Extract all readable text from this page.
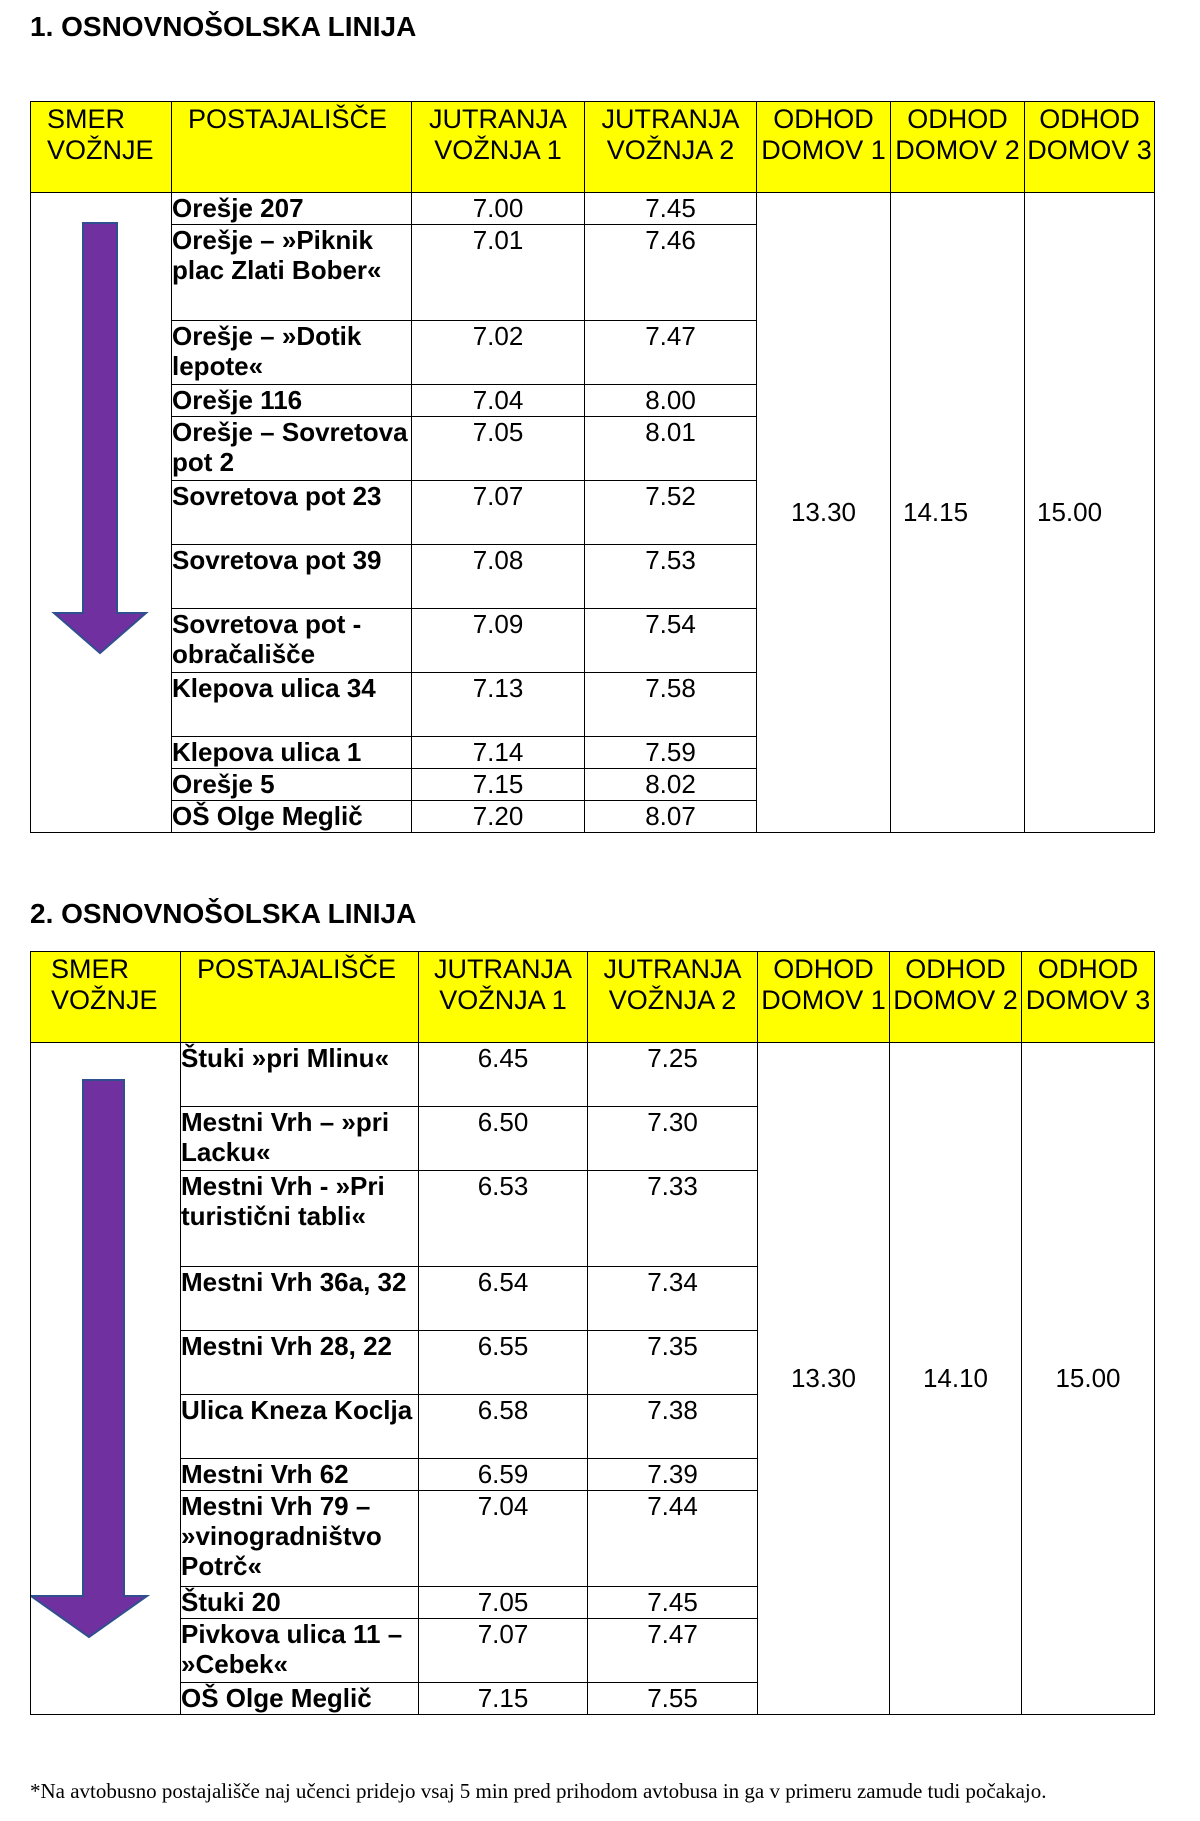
1. OSNOVNOŠOLSKA LINIJA
SMER VOŽNJE	POSTAJALIŠČE	JUTRANJA VOŽNJA 1	JUTRANJA VOŽNJA 2	ODHOD DOMOV 1	ODHOD DOMOV 2	ODHOD DOMOV 3

	Orešje 207	7.00	7.45	13.30	14.15	15.00

	Orešje – »Piknik plac Zlati Bober«	7.01	7.46			
	Orešje – »Dotik lepote«	7.02	7.47			
	Orešje 116	7.04	8.00			
	Orešje – Sovretova pot 2	7.05	8.01			
	Sovretova pot 23	7.07	7.52			
	Sovretova pot 39	7.08	7.53			
	Sovretova pot - obračališče	7.09	7.54			
	Klepova ulica 34	7.13	7.58			
	Klepova ulica 1	7.14	7.59			
	Orešje 5	7.15	8.02			
	OŠ Olge Meglič	7.20	8.07			
2. OSNOVNOŠOLSKA LINIJA
SMER VOŽNJE	POSTAJALIŠČE	JUTRANJA VOŽNJA 1	JUTRANJA VOŽNJA 2	ODHOD DOMOV 1	ODHOD DOMOV 2	ODHOD DOMOV 3

	Štuki »pri Mlinu«	6.45	7.25	13.30	14.10	15.00

	Mestni Vrh – »pri Lacku«	6.50	7.30			
	Mestni Vrh - »Pri turistični tabli«	6.53	7.33			
	Mestni Vrh 36a, 32	6.54	7.34			
	Mestni Vrh 28, 22	6.55	7.35			
	Ulica Kneza Koclja	6.58	7.38			
	Mestni Vrh 62	6.59	7.39			
	Mestni Vrh 79 – »vinogradništvo Potrč«	7.04	7.44			
	Štuki 20	7.05	7.45			
	Pivkova ulica 11 – »Cebek«	7.07	7.47			
	OŠ Olge Meglič	7.15	7.55			
*Na avtobusno postajališče naj učenci pridejo vsaj 5 min pred prihodom avtobusa in ga v primeru zamude tudi počakajo.
